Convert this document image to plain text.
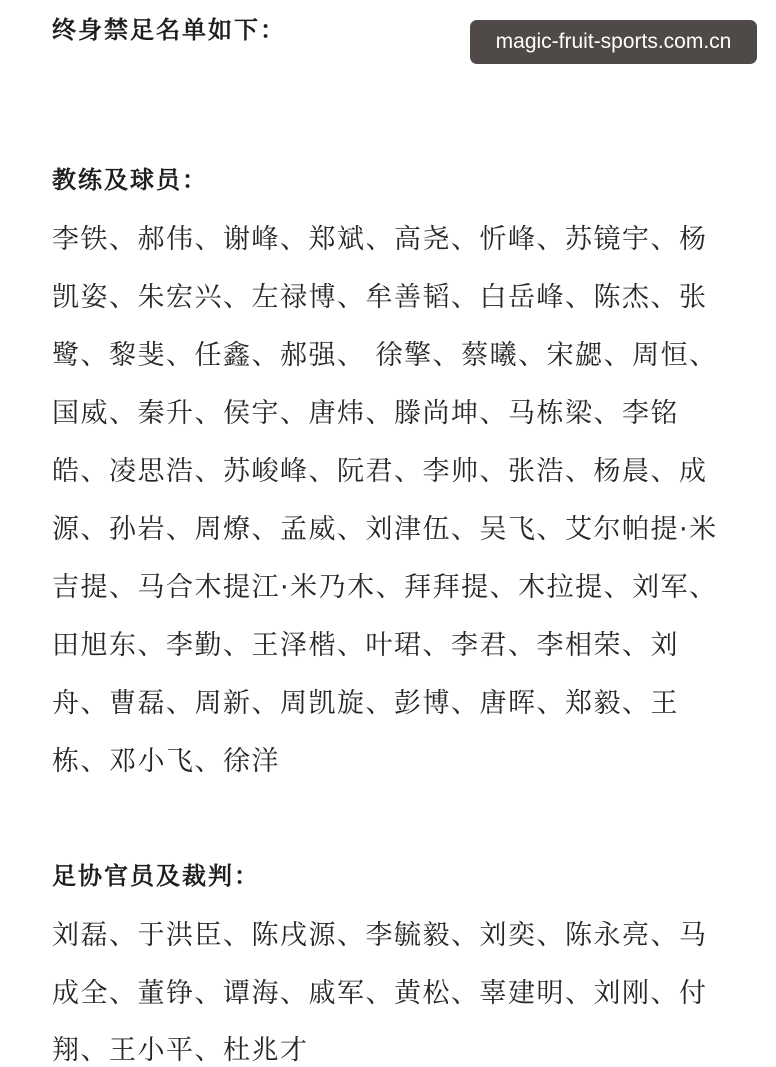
终身禁足名单如下：
教练及球员：
李铁、郝伟、谢峰、郑斌、高尧、忻峰、苏镜宇、杨
凯姿、朱宏兴、左禄博、牟善韬、白岳峰、陈杰、张
鹭、黎斐、任鑫、郝强、 徐擎、蔡曦、宋勰、周恒、
国威、秦升、侯宇、唐炜、滕尚坤、马栋梁、李铭
皓、凌思浩、苏峻峰、阮君、李帅、张浩、杨晨、成
源、孙岩、周燎、孟威、刘津伍、吴飞、艾尔帕提·米
吉提、马合木提江·米乃木、拜拜提、木拉提、刘军、
田旭东、李勤、王泽楷、叶珺、李君、李相荣、刘
舟、曹磊、周新、周凯旋、彭博、唐晖、郑毅、王
栋、邓小飞、徐洋
足协官员及裁判：
刘磊、于洪臣、陈戌源、李毓毅、刘奕、陈永亮、马
成全、董铮、谭海、戚军、黄松、辜建明、刘刚、付
翔、王小平、杜兆才
magic-fruit-sports.com.cn
